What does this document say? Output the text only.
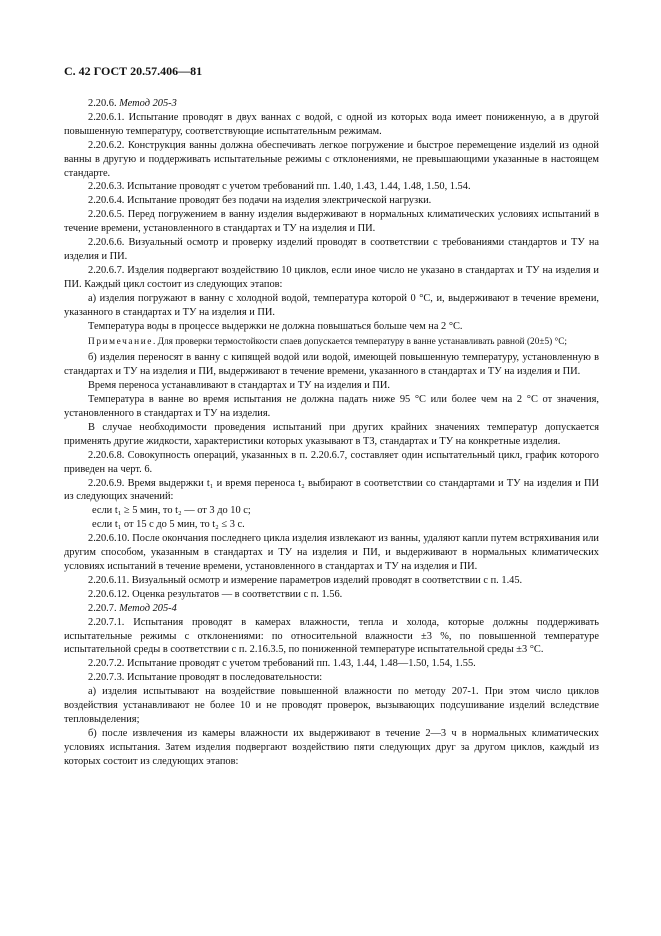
С. 42 ГОСТ 20.57.406—81

2.20.6. Метод 205-3

2.20.6.1. Испытание проводят в двух ваннах с водой, с одной из которых вода имеет пониженную, а в другой повышенную температуру, соответствующие испытательным режимам.

2.20.6.2. Конструкция ванны должна обеспечивать легкое погружение и быстрое перемещение изделий из одной ванны в другую и поддерживать испытательные режимы с отклонениями, не превышающими указанные в настоящем стандарте.

2.20.6.3. Испытание проводят с учетом требований пп. 1.40, 1.43, 1.44, 1.48, 1.50, 1.54.

2.20.6.4. Испытание проводят без подачи на изделия электрической нагрузки.

2.20.6.5. Перед погружением в ванну изделия выдерживают в нормальных климатических условиях испытаний в течение времени, установленного в стандартах и ТУ на изделия и ПИ.

2.20.6.6. Визуальный осмотр и проверку изделий проводят в соответствии с требованиями стандартов и ТУ на изделия и ПИ.

2.20.6.7. Изделия подвергают воздействию 10 циклов, если иное число не указано в стандартах и ТУ на изделия и ПИ. Каждый цикл состоит из следующих этапов:

а) изделия погружают в ванну с холодной водой, температура которой 0 °С, и, выдерживают в течение времени, указанного в стандартах и ТУ на изделия и ПИ.

Температура воды в процессе выдержки не должна повышаться больше чем на 2 °С.

Примечание. Для проверки термостойкости спаев допускается температуру в ванне устанавливать равной (20±5) °С;

б) изделия переносят в ванну с кипящей водой или водой, имеющей повышенную температуру, установленную в стандартах и ТУ на изделия и ПИ, выдерживают в течение времени, указанного в стандартах и ТУ на изделия и ПИ.

Время переноса устанавливают в стандартах и ТУ на изделия и ПИ.

Температура в ванне во время испытания не должна падать ниже 95 °С или более чем на 2 °С от значения, установленного в стандартах и ТУ на изделия.

В случае необходимости проведения испытаний при других крайних значениях температур допускается применять другие жидкости, характеристики которых указывают в ТЗ, стандартах и ТУ на конкретные изделия.

2.20.6.8. Совокупность операций, указанных в п. 2.20.6.7, составляет один испытательный цикл, график которого приведен на черт. 6.

2.20.6.9. Время выдержки t₁ и время переноса t₂ выбирают в соответствии со стандартами и ТУ на изделия и ПИ из следующих значений:

если t₁ ≥ 5 мин, то t₂ — от 3 до 10 с;

если t₁ от 15 с до 5 мин, то t₂ ≤ 3 с.

2.20.6.10. После окончания последнего цикла изделия извлекают из ванны, удаляют капли путем встряхивания или другим способом, указанным в стандартах и ТУ на изделия и ПИ, и выдерживают в нормальных климатических условиях испытаний в течение времени, установленного в стандартах и ТУ на изделия и ПИ.

2.20.6.11. Визуальный осмотр и измерение параметров изделий проводят в соответствии с п. 1.45.

2.20.6.12. Оценка результатов — в соответствии с п. 1.56.

2.20.7. Метод 205-4

2.20.7.1. Испытания проводят в камерах влажности, тепла и холода, которые должны поддерживать испытательные режимы с отклонениями: по относительной влажности ±3 %, по повышенной температуре испытательной среды в соответствии с п. 2.16.3.5, по пониженной температуре испытательной среды ±3 °С.

2.20.7.2. Испытание проводят с учетом требований пп. 1.43, 1.44, 1.48—1.50, 1.54, 1.55.

2.20.7.3. Испытание проводят в последовательности:

а) изделия испытывают на воздействие повышенной влажности по методу 207-1. При этом число циклов воздействия устанавливают не более 10 и не проводят проверок, вызывающих подсушивание изделий вследствие тепловыделения;

б) после извлечения из камеры влажности их выдерживают в течение 2—3 ч в нормальных климатических условиях испытания. Затем изделия подвергают воздействию пяти следующих друг за другом циклов, каждый из которых состоит из следующих этапов:
